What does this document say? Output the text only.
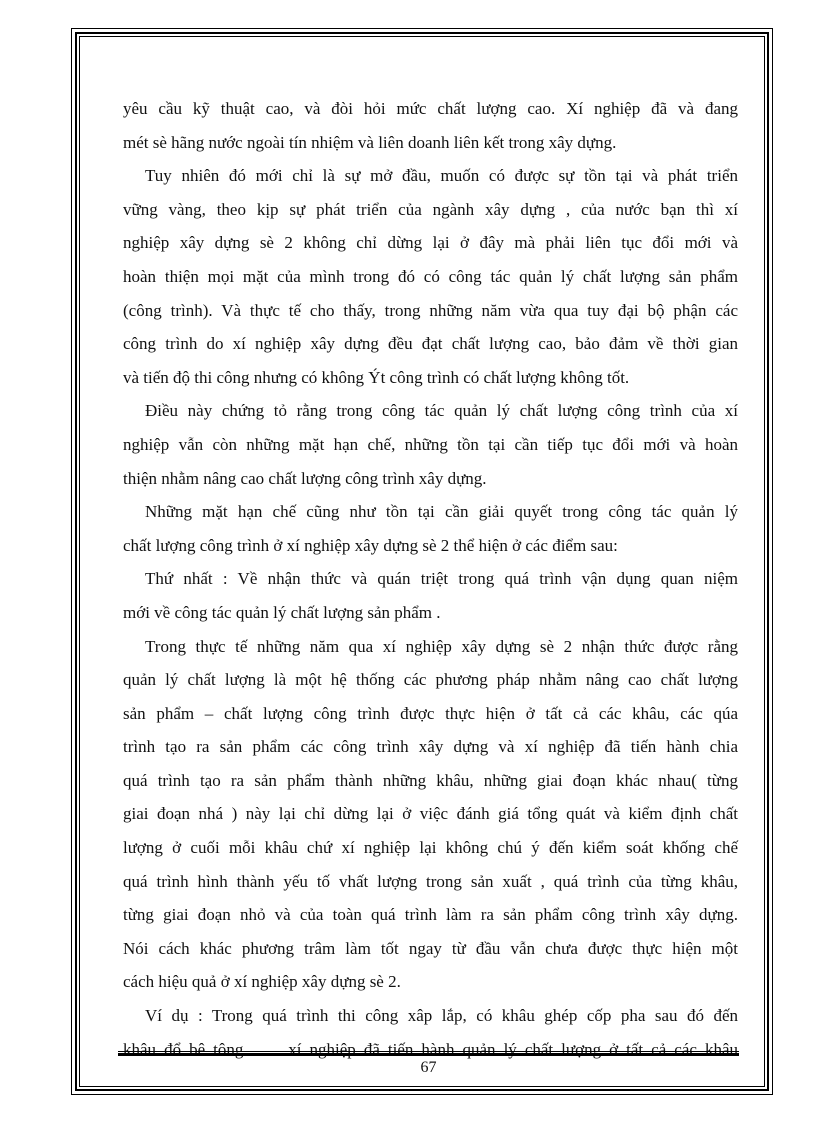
yêu cầu kỹ thuật cao, và đòi hỏi mức chất lượng cao. Xí nghiệp đã và đang
mét sè hãng nước ngoài tín nhiệm và liên doanh liên kết trong xây dựng.
Tuy nhiên đó mới chỉ là sự mở đầu, muốn có được sự tồn tại và phát triển
vững vàng, theo kịp sự phát triển của ngành xây dựng , của nước bạn thì xí
nghiệp xây dựng sè 2 không chỉ dừng lại ở đây mà phải liên tục đổi mới và
hoàn thiện mọi mặt của mình trong đó có công tác quản lý chất lượng sản phẩm
(công trình). Và thực tế cho thấy, trong những năm vừa qua tuy đại bộ phận các
công trình do xí nghiệp xây dựng đều đạt chất lượng cao, bảo đảm về thời gian
và tiến độ thi công nhưng có không Ýt công trình có chất lượng không tốt.
Điều này chứng tỏ rằng trong công tác quản lý chất lượng công trình của xí
nghiệp vẫn còn những mặt hạn chế, những tồn tại cần tiếp tục đổi mới và hoàn
thiện nhằm nâng cao chất lượng công trình xây dựng.
Những mặt hạn chế cũng như tồn tại cần giải quyết trong công tác quản lý
chất lượng công trình ở xí nghiệp xây dựng sè 2 thể hiện ở các điểm sau:
Thứ nhất : Về nhận thức và quán triệt trong quá trình vận dụng quan niệm
mới về công tác quản lý chất lượng sản phẩm .
Trong thực tế những năm qua xí nghiệp xây dựng sè 2 nhận thức được rằng
quản lý chất lượng là một hệ thống các phương pháp nhằm nâng cao chất lượng
sản phẩm – chất lượng công trình được thực hiện ở tất cả các khâu, các qúa
trình tạo ra sản phẩm các công trình xây dựng và xí nghiệp đã tiến hành chia
quá trình tạo ra sản phẩm thành những khâu, những giai đoạn khác nhau( từng
giai đoạn nhá ) này lại chỉ dừng lại ở việc đánh giá tổng quát và kiểm định chất
lượng ở cuối mỗi khâu chứ xí nghiệp lại không chú ý đến kiểm soát khống chế
quá trình hình thành yếu tố vhất lượng trong sản xuất , quá trình của từng khâu,
từng giai đoạn nhỏ và của toàn quá trình làm ra sản phẩm công trình xây dựng.
Nói cách khác phương trâm làm tốt ngay từ đầu vẫn chưa được thực hiện một
cách hiệu quả ở xí nghiệp xây dựng sè 2.
Ví dụ : Trong quá trình thi công xâp lắp, có khâu ghép cốp pha sau đó đến
khâu đổ bê tông . . . xí nghiệp đã tiến hành quản lý chất lượng ở tất cả các khâu
67
